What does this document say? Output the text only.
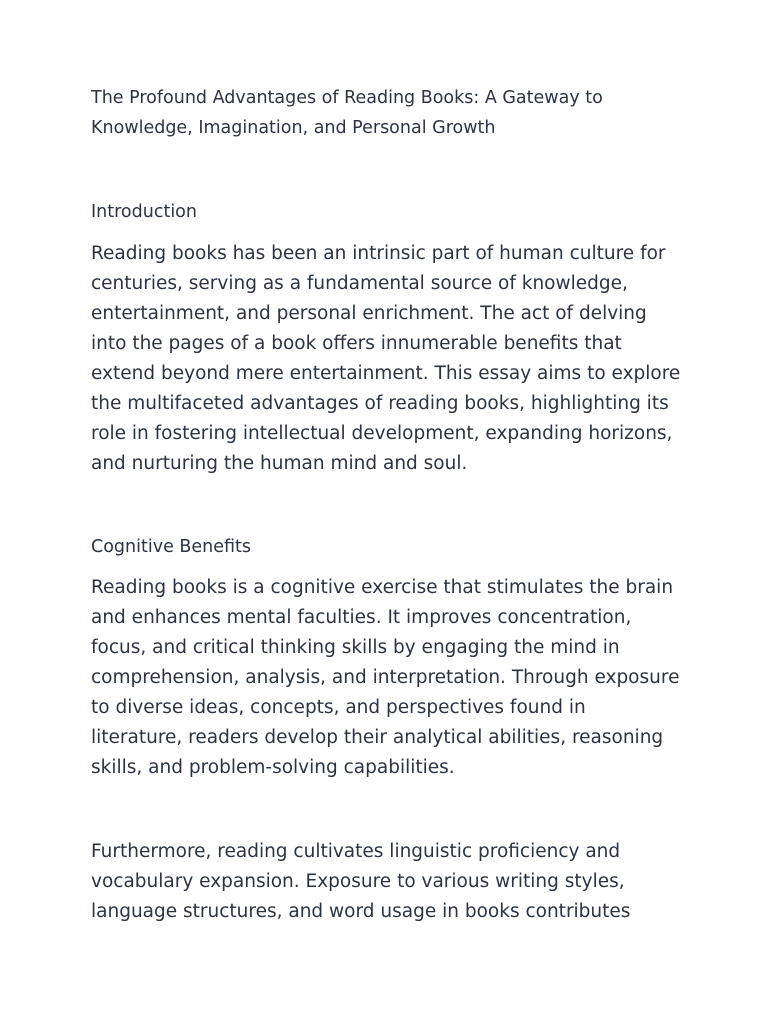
The Profound Advantages of Reading Books: A Gateway to Knowledge, Imagination, and Personal Growth

Introduction

Reading books has been an intrinsic part of human culture for centuries, serving as a fundamental source of knowledge, entertainment, and personal enrichment. The act of delving into the pages of a book offers innumerable benefits that extend beyond mere entertainment. This essay aims to explore the multifaceted advantages of reading books, highlighting its role in fostering intellectual development, expanding horizons, and nurturing the human mind and soul.

Cognitive Benefits

Reading books is a cognitive exercise that stimulates the brain and enhances mental faculties. It improves concentration, focus, and critical thinking skills by engaging the mind in comprehension, analysis, and interpretation. Through exposure to diverse ideas, concepts, and perspectives found in literature, readers develop their analytical abilities, reasoning skills, and problem-solving capabilities.

Furthermore, reading cultivates linguistic proficiency and vocabulary expansion. Exposure to various writing styles, language structures, and word usage in books contributes
